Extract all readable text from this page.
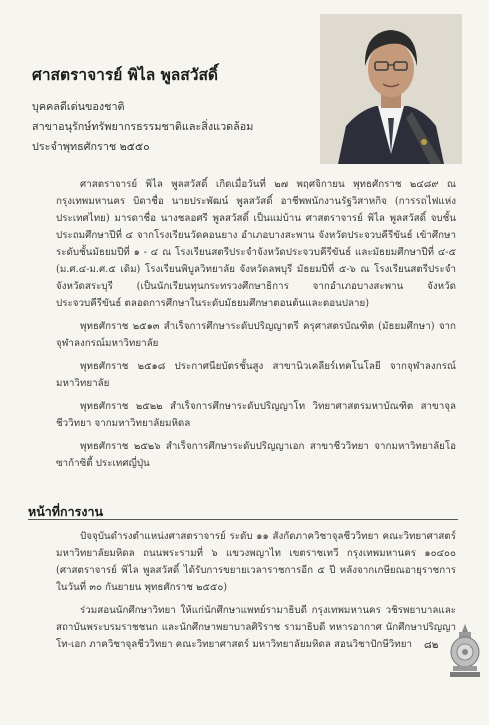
ศาสตราจารย์ พิไล พูลสวัสดิ์
บุคคลดีเด่นของชาติ
สาขาอนุรักษ์ทรัพยากรธรรมชาติและสิ่งแวดล้อม
ประจำพุทธศักราช ๒๕๕๐

ศาสตราจารย์ พิไล พูลสวัสดิ์ เกิดเมื่อวันที่ ๒๗ พฤศจิกายน พุทธศักราช ๒๔๘๙ ณ กรุงเทพมหานคร บิดาชื่อ นายประพัฒน์ พูลสวัสดิ์ อาชีพพนักงานรัฐวิสาหกิจ (การรถไฟแห่งประเทศไทย) มารดาชื่อ นางชลอศรี พูลสวัสดิ์ เป็นแม่บ้าน ศาสตราจารย์ พิไล พูลสวัสดิ์ จบชั้นประถมศึกษาปีที่ ๔ จากโรงเรียนวัดคอนยาง อำเภอบางสะพาน จังหวัดประจวบคีรีขันธ์ เข้าศึกษาระดับชั้นมัธยมปีที่ ๑ - ๔ ณ โรงเรียนสตรีประจำจังหวัดประจวบคีรีขันธ์ และมัธยมศึกษาปีที่ ๔-๕ (ม.ศ.๔-ม.ศ.๕ เดิม) โรงเรียนพิบูลวิทยาลัย จังหวัดลพบุรี มัธยมปีที่ ๕-๖ ณ โรงเรียนสตรีประจำจังหวัดสระบุรี (เป็นนักเรียนทุนกระทรวงศึกษาธิการ จากอำเภอบางสะพาน จังหวัดประจวบคีรีขันธ์ ตลอดการศึกษาในระดับมัธยมศึกษาตอนต้นและตอนปลาย)

พุทธศักราช ๒๕๑๓ สำเร็จการศึกษาระดับปริญญาตรี ครุศาสตรบัณฑิต (มัธยมศึกษา) จากจุฬาลงกรณ์มหาวิทยาลัย

พุทธศักราช ๒๕๑๘ ประกาศนียบัตรชั้นสูง สาขานิวเคลียร์เทคโนโลยี จากจุฬาลงกรณ์มหาวิทยาลัย

พุทธศักราช ๒๕๒๒ สำเร็จการศึกษาระดับปริญญาโท วิทยาศาสตรมหาบัณฑิต สาขาจุลชีววิทยา จากมหาวิทยาลัยมหิดล

พุทธศักราช ๒๕๒๖ สำเร็จการศึกษาระดับปริญญาเอก สาขาชีววิทยา จากมหาวิทยาลัยโอซาก้าซิตี้ ประเทศญี่ปุ่น

หน้าที่การงาน

ปัจจุบันดำรงตำแหน่งศาสตราจารย์ ระดับ ๑๑ สังกัดภาควิชาจุลชีววิทยา คณะวิทยาศาสตร์ มหาวิทยาลัยมหิดล ถนนพระรามที่ ๖ แขวงพญาไท เขตราชเทวี กรุงเทพมหานคร ๑๐๔๐๐ (ศาสตราจารย์ พิไล พูลสวัสดิ์ ได้รับการขยายเวลาราชการอีก ๕ ปี หลังจากเกษียณอายุราชการในวันที่ ๓๐ กันยายน พุทธศักราช ๒๕๕๐)

ร่วมสอนนักศึกษาวิทยา ให้แก่นักศึกษาแพทย์รามาธิบดี กรุงเทพมหานคร วชิรพยาบาลและสถาบันพระบรมราชชนก และนักศึกษาพยาบาลศิริราช รามาธิบดี ทหารอากาศ นักศึกษาปริญญาโท-เอก ภาควิชาจุลชีววิทยา คณะวิทยาศาสตร์ มหาวิทยาลัยมหิดล สอนวิชาปักษีวิทยา	๘๒
